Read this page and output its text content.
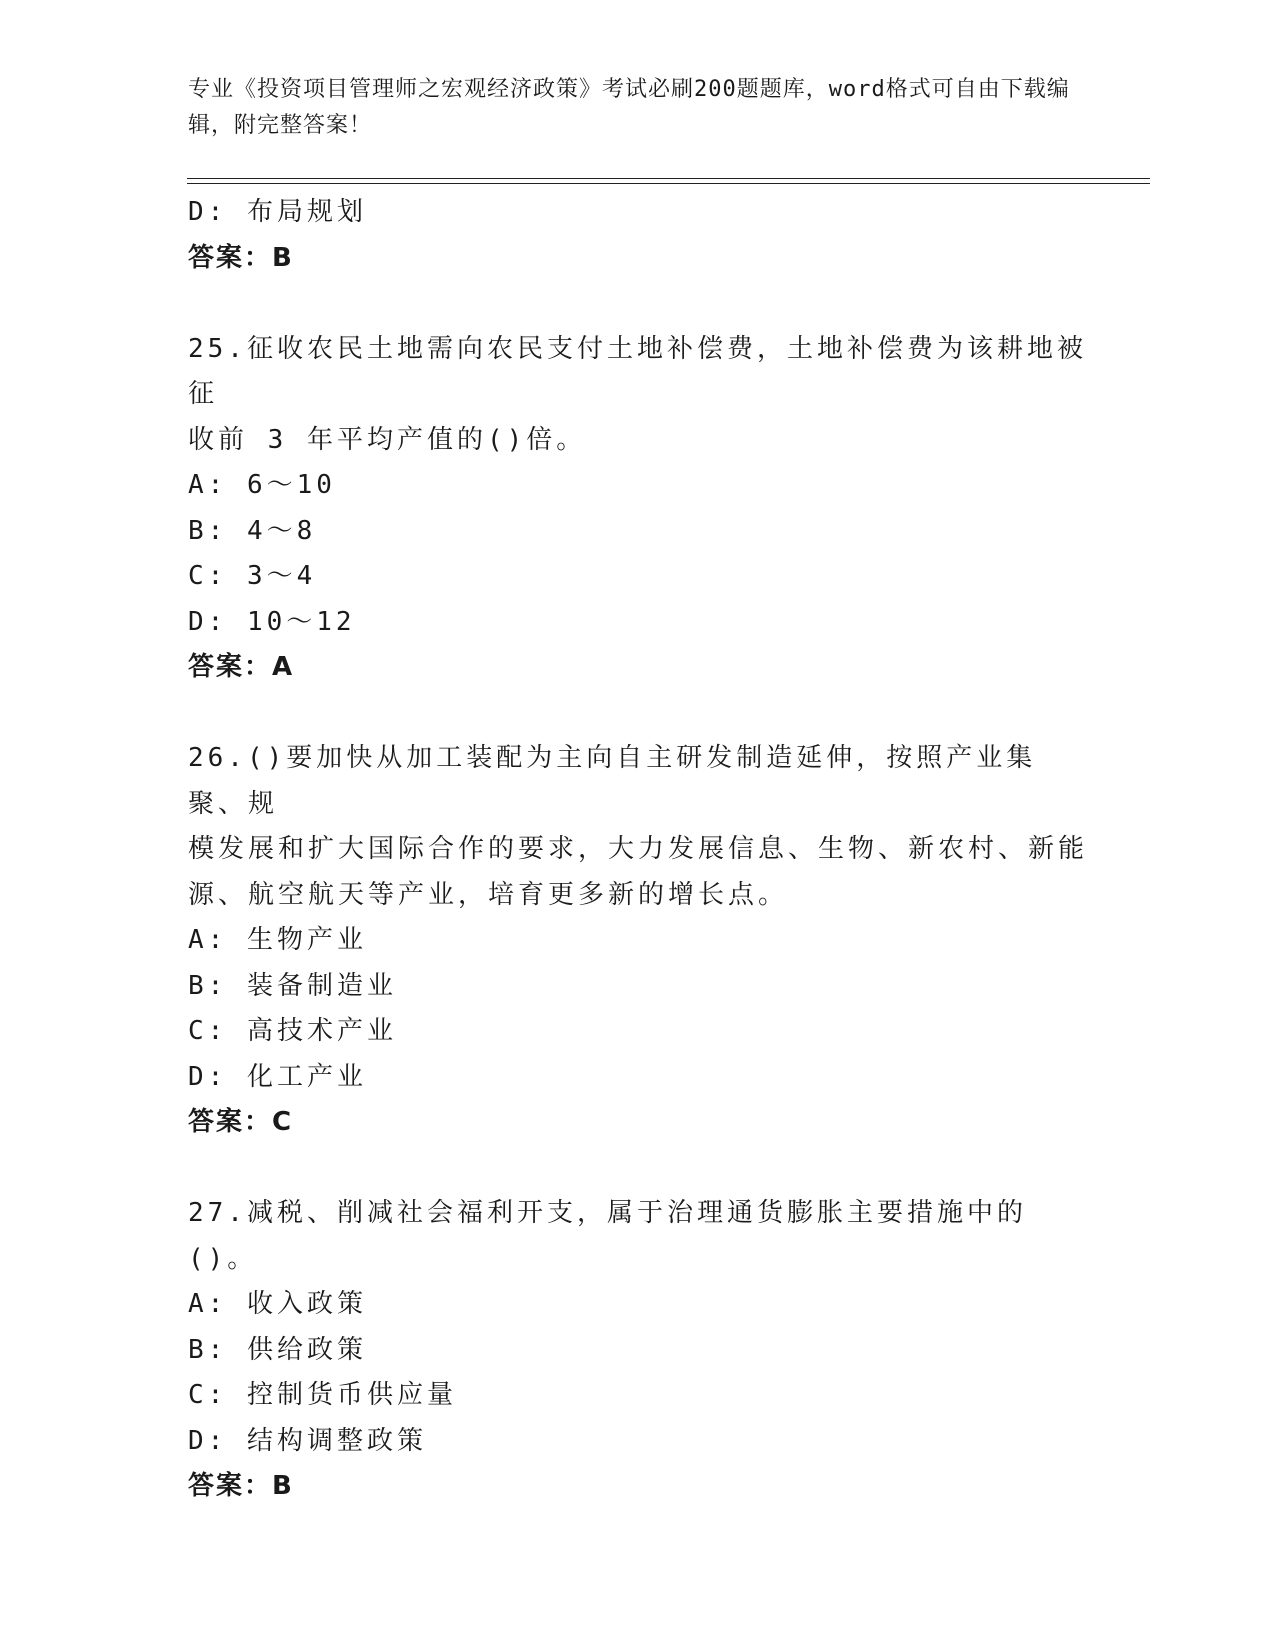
专业《投资项目管理师之宏观经济政策》考试必刷200题题库，word格式可自由下载编辑，附完整答案！
D: 布局规划
答案：B
25.征收农民土地需向农民支付土地补偿费，土地补偿费为该耕地被征
收前 3 年平均产值的()倍。
A: 6～10
B: 4～8
C: 3～4
D: 10～12
答案：A
26.()要加快从加工装配为主向自主研发制造延伸，按照产业集聚、规
模发展和扩大国际合作的要求，大力发展信息、生物、新农村、新能
源、航空航天等产业，培育更多新的增长点。
A: 生物产业
B: 装备制造业
C: 高技术产业
D: 化工产业
答案：C
27.减税、削减社会福利开支，属于治理通货膨胀主要措施中的()。
A: 收入政策
B: 供给政策
C: 控制货币供应量
D: 结构调整政策
答案：B
